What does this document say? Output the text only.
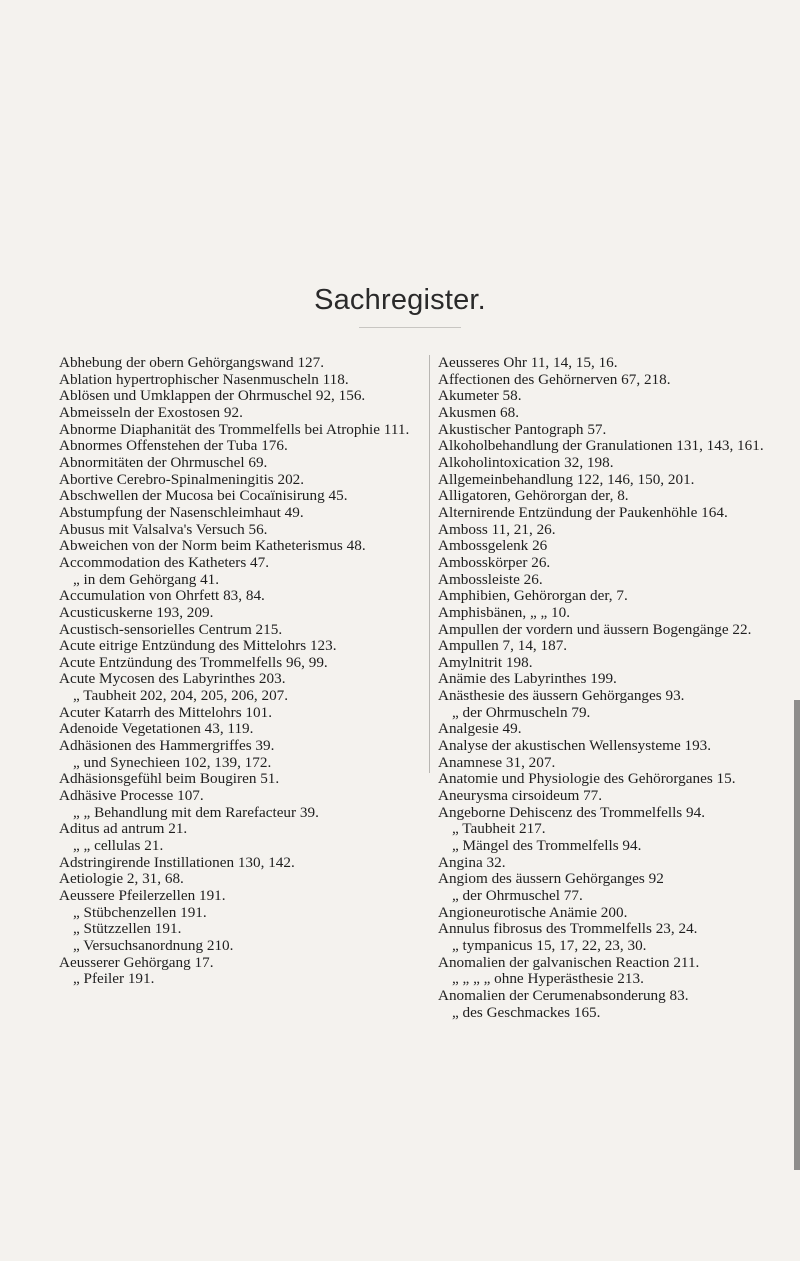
Sachregister.

Abhebung der obern Gehörgangswand 127.

Ablation hypertrophischer Nasenmuscheln 118.

Ablösen und Umklappen der Ohrmuschel 92, 156.

Abmeisseln der Exostosen 92.

Abnorme Diaphanität des Trommelfells bei Atrophie 111.

Abnormes Offenstehen der Tuba 176.

Abnormitäten der Ohrmuschel 69.

Abortive Cerebro-Spinalmeningitis 202.

Abschwellen der Mucosa bei Cocaïnisirung 45.

Abstumpfung der Nasenschleimhaut 49.

Abusus mit Valsalva's Versuch 56.

Abweichen von der Norm beim Katheterismus 48.

Accommodation des Katheters 47.

„ in dem Gehörgang 41.

Accumulation von Ohrfett 83, 84.

Acusticuskerne 193, 209.

Acustisch-sensorielles Centrum 215.

Acute eitrige Entzündung des Mittelohrs 123.

Acute Entzündung des Trommelfells 96, 99.

Acute Mycosen des Labyrinthes 203.

„ Taubheit 202, 204, 205, 206, 207.

Acuter Katarrh des Mittelohrs 101.

Adenoide Vegetationen 43, 119.

Adhäsionen des Hammergriffes 39.

„ und Synechieen 102, 139, 172.

Adhäsionsgefühl beim Bougiren 51.

Adhäsive Processe 107.

„ „ Behandlung mit dem Rarefacteur 39.

Aditus ad antrum 21.

„ „ cellulas 21.

Adstringirende Instillationen 130, 142.

Aetiologie 2, 31, 68.

Aeussere Pfeilerzellen 191.

„ Stübchenzellen 191.

„ Stützzellen 191.

„ Versuchsanordnung 210.

Aeusserer Gehörgang 17.

„ Pfeiler 191.

Aeusseres Ohr 11, 14, 15, 16.

Affectionen des Gehörnerven 67, 218.

Akumeter 58.

Akusmen 68.

Akustischer Pantograph 57.

Alkoholbehandlung der Granulationen 131, 143, 161.

Alkoholintoxication 32, 198.

Allgemeinbehandlung 122, 146, 150, 201.

Alligatoren, Gehörorgan der, 8.

Alternirende Entzündung der Paukenhöhle 164.

Amboss 11, 21, 26.

Ambossgelenk 26

Ambosskörper 26.

Ambossleiste 26.

Amphibien, Gehörorgan der, 7.

Amphisbänen, „ „ 10.

Ampullen der vordern und äussern Bogengänge 22.

Ampullen 7, 14, 187.

Amylnitrit 198.

Anämie des Labyrinthes 199.

Anästhesie des äussern Gehörganges 93.

„ der Ohrmuscheln 79.

Analgesie 49.

Analyse der akustischen Wellensysteme 193.

Anamnese 31, 207.

Anatomie und Physiologie des Gehörorganes 15.

Aneurysma cirsoideum 77.

Angeborne Dehiscenz des Trommelfells 94.

„ Taubheit 217.

„ Mängel des Trommelfells 94.

Angina 32.

Angiom des äussern Gehörganges 92

„ der Ohrmuschel 77.

Angioneurotische Anämie 200.

Annulus fibrosus des Trommelfells 23, 24.

„ tympanicus 15, 17, 22, 23, 30.

Anomalien der galvanischen Reaction 211.

„ „ „ „ ohne Hyperästhesie 213.

Anomalien der Cerumenabsonderung 83.

„ des Geschmackes 165.
